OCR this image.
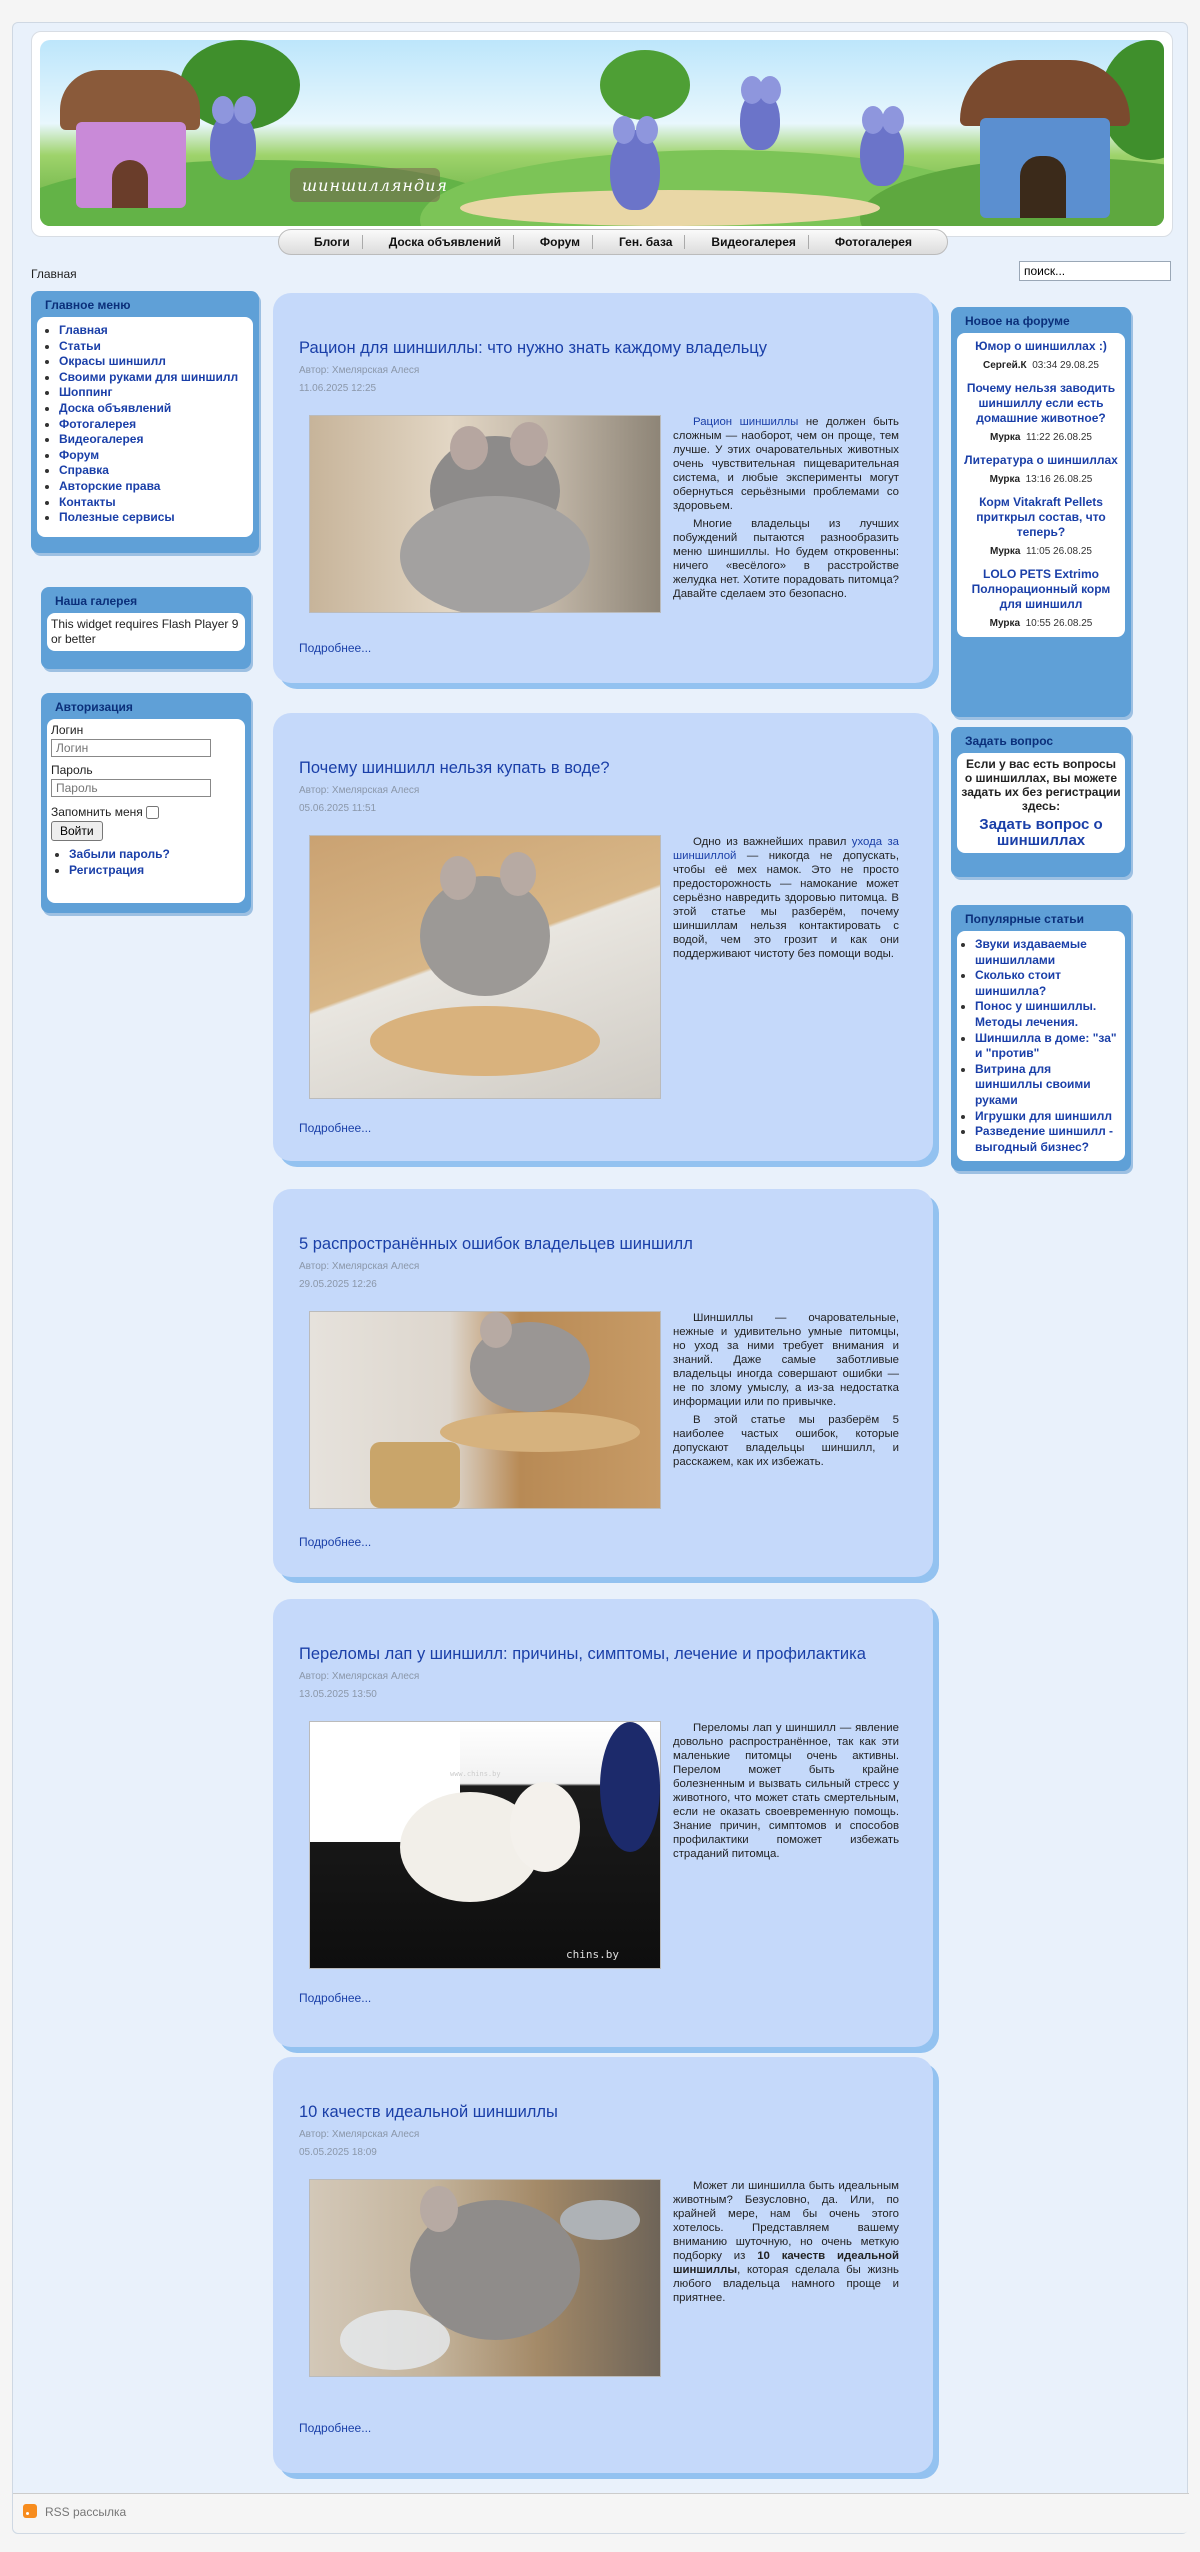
шиншилляндия
Блоги	Доска объявлений	Форум	Ген. база	Видеогалерея	Фотогалерея
Главная
поиск...
Главное меню
• Главная
• Статьи
• Окрасы шиншилл
• Своими руками для шиншилл
• Шоппинг
• Доска объявлений
• Фотогалерея
• Видеогалерея
• Форум
• Справка
• Авторские права
• Контакты
• Полезные сервисы
Наша галерея
This widget requires Flash Player 9 or better
Авторизация
Логин
Логин
Пароль
Запомнить меня
Войти
• Забыли пароль?
• Регистрация
Рацион для шиншиллы: что нужно знать каждому владельцу
Автор: Хмелярская Алеся
11.06.2025 12:25

Рацион шиншиллы не должен быть сложным — наоборот, чем он проще, тем лучше. У этих очаровательных животных очень чувствительная пищеварительная система, и любые эксперименты могут обернуться серьёзными проблемами со здоровьем.

Многие владельцы из лучших побуждений пытаются разнообразить меню шиншиллы. Но будем откровенны: ничего «весёлого» в расстройстве желудка нет. Хотите порадовать питомца? Давайте сделаем это безопасно.

Подробнее...
Почему шиншилл нельзя купать в воде?
Автор: Хмелярская Алеся
05.06.2025 11:51

Одно из важнейших правил ухода за шиншиллой — никогда не допускать, чтобы её мех намок. Это не просто предосторожность — намокание может серьёзно навредить здоровью питомца. В этой статье мы разберём, почему шиншиллам нельзя контактировать с водой, чем это грозит и как они поддерживают чистоту без помощи воды.

Подробнее...
5 распространённых ошибок владельцев шиншилл
Автор: Хмелярская Алеся
29.05.2025 12:26

Шиншиллы — очаровательные, нежные и удивительно умные питомцы, но уход за ними требует внимания и знаний. Даже самые заботливые владельцы иногда совершают ошибки — не по злому умыслу, а из-за недостатка информации или по привычке.

В этой статье мы разберём 5 наиболее частых ошибок, которые допускают владельцы шиншилл, и расскажем, как их избежать.

Подробнее...
Переломы лап у шиншилл: причины, симптомы, лечение и профилактика
Автор: Хмелярская Алеся
13.05.2025 13:50
www.chins.by
chins.by

Переломы лап у шиншилл — явление довольно распространённое, так как эти маленькие питомцы очень активны. Перелом может быть крайне болезненным и вызвать сильный стресс у животного, что может стать смертельным, если не оказать своевременную помощь. Знание причин, симптомов и способов профилактики поможет избежать страданий питомца.

Подробнее...
10 качеств идеальной шиншиллы
Автор: Хмелярская Алеся
05.05.2025 18:09

Может ли шиншилла быть идеальным животным? Безусловно, да. Или, по крайней мере, нам бы очень этого хотелось. Представляем вашему вниманию шуточную, но очень меткую подборку из 10 качеств идеальной шиншиллы, которая сделала бы жизнь любого владельца намного проще и приятнее.

Подробнее...
Новое на форуме
Юмор о шиншиллах :)
Сергей.К 03:34 29.08.25
Почему нельзя заводить шиншиллу если есть домашние животное?
Мурка 11:22 26.08.25
Литература о шиншиллах
Мурка 13:16 26.08.25
Корм Vitakraft Pellets приткрыл состав, что теперь?
Мурка 11:05 26.08.25
LOLO PETS Extrimo Полнорационный корм для шиншилл
Мурка 10:55 26.08.25
Задать вопрос
Если у вас есть вопросы о шиншиллах, вы можете задать их без регистрации здесь:
Задать вопрос о шиншиллах
Популярные статьи
• Звуки издаваемые шиншиллами
• Сколько стоит шиншилла?
• Понос у шиншиллы. Методы лечения.
• Шиншилла в доме: "за" и "против"
• Витрина для шиншиллы своими руками
• Игрушки для шиншилл
• Разведение шиншилл - выгодный бизнес?
RSS рассылка
